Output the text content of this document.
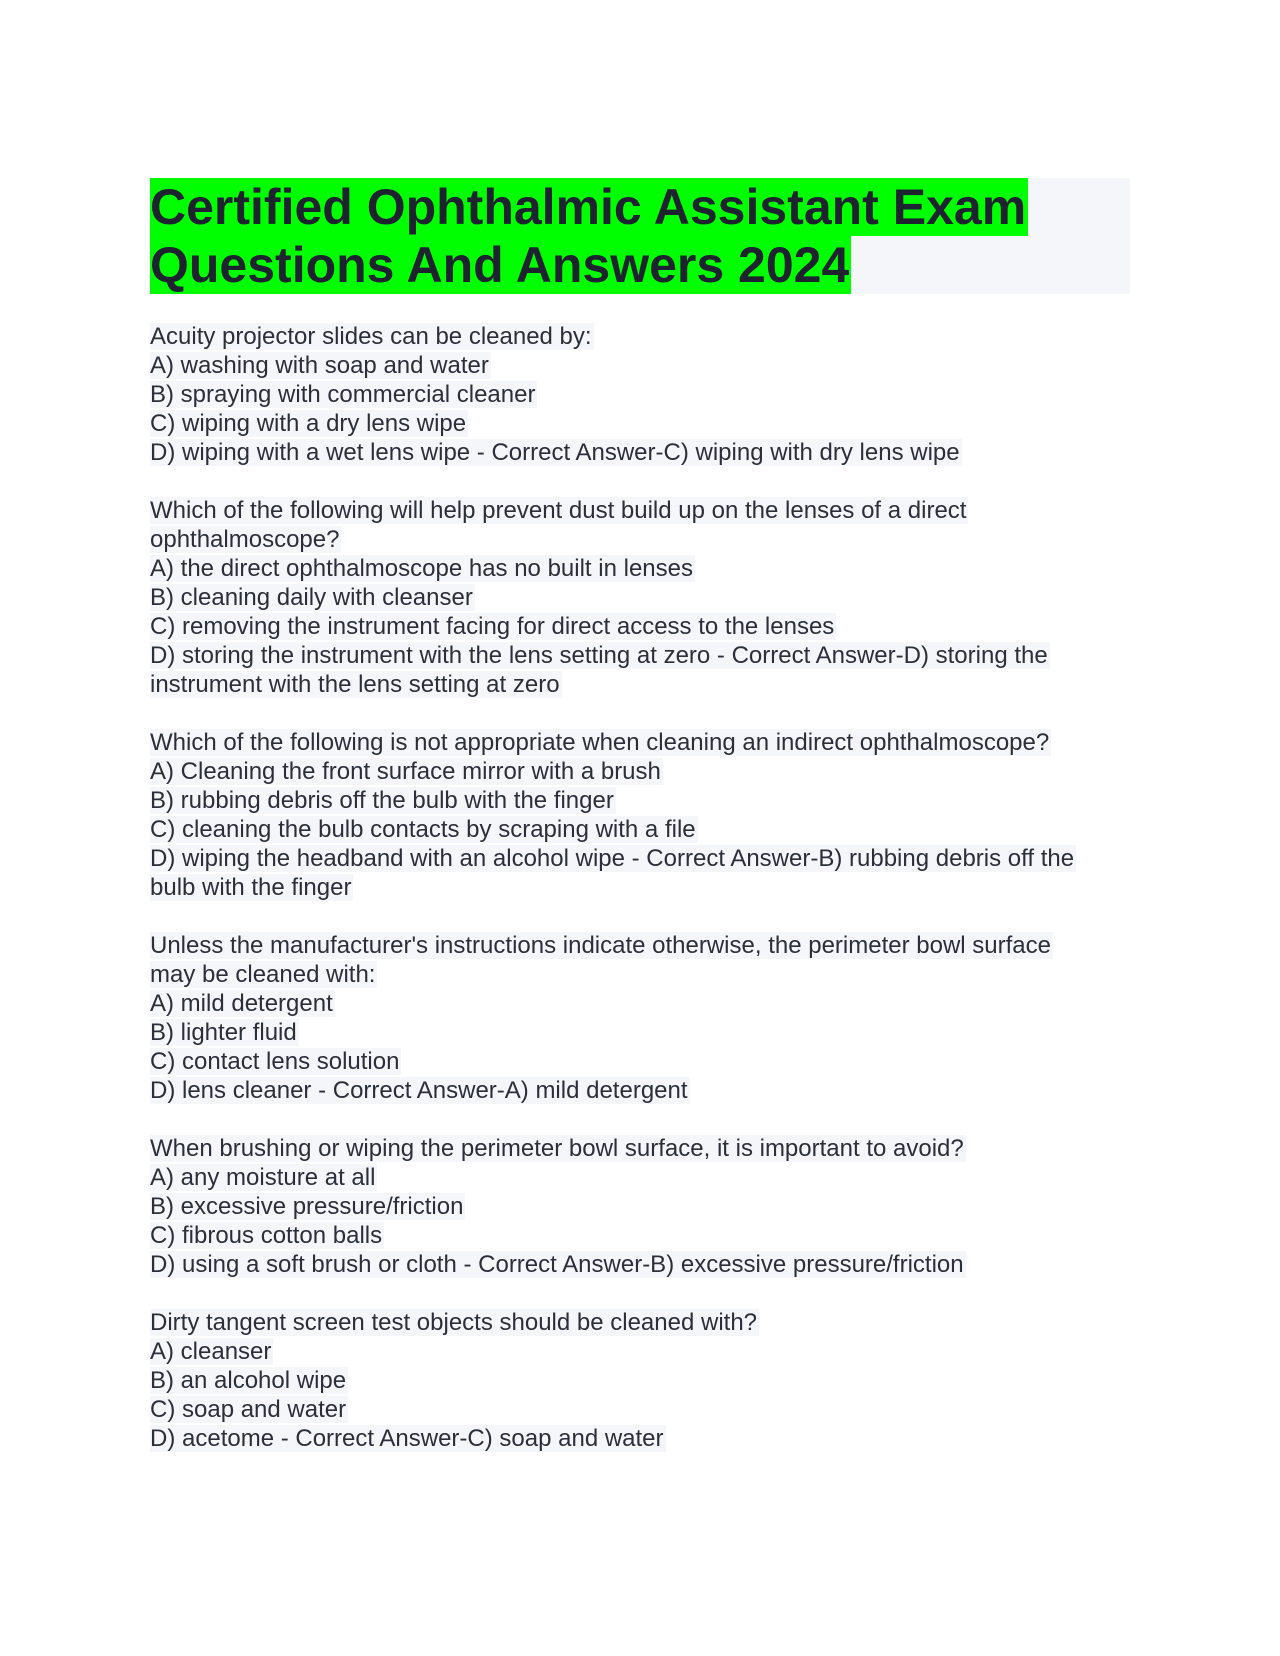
Certified Ophthalmic Assistant Exam
Questions And Answers 2024
Acuity projector slides can be cleaned by:
A) washing with soap and water
B) spraying with commercial cleaner
C) wiping with a dry lens wipe
D) wiping with a wet lens wipe - Correct Answer-C) wiping with dry lens wipe
Which of the following will help prevent dust build up on the lenses of a direct
ophthalmoscope?
A) the direct ophthalmoscope has no built in lenses
B) cleaning daily with cleanser
C) removing the instrument facing for direct access to the lenses
D) storing the instrument with the lens setting at zero - Correct Answer-D) storing the
instrument with the lens setting at zero
Which of the following is not appropriate when cleaning an indirect ophthalmoscope?
A) Cleaning the front surface mirror with a brush
B) rubbing debris off the bulb with the finger
C) cleaning the bulb contacts by scraping with a file
D) wiping the headband with an alcohol wipe - Correct Answer-B) rubbing debris off the
bulb with the finger
Unless the manufacturer's instructions indicate otherwise, the perimeter bowl surface
may be cleaned with:
A) mild detergent
B) lighter fluid
C) contact lens solution
D) lens cleaner - Correct Answer-A) mild detergent
When brushing or wiping the perimeter bowl surface, it is important to avoid?
A) any moisture at all
B) excessive pressure/friction
C) fibrous cotton balls
D) using a soft brush or cloth - Correct Answer-B) excessive pressure/friction
Dirty tangent screen test objects should be cleaned with?
A) cleanser
B) an alcohol wipe
C) soap and water
D) acetome - Correct Answer-C) soap and water
